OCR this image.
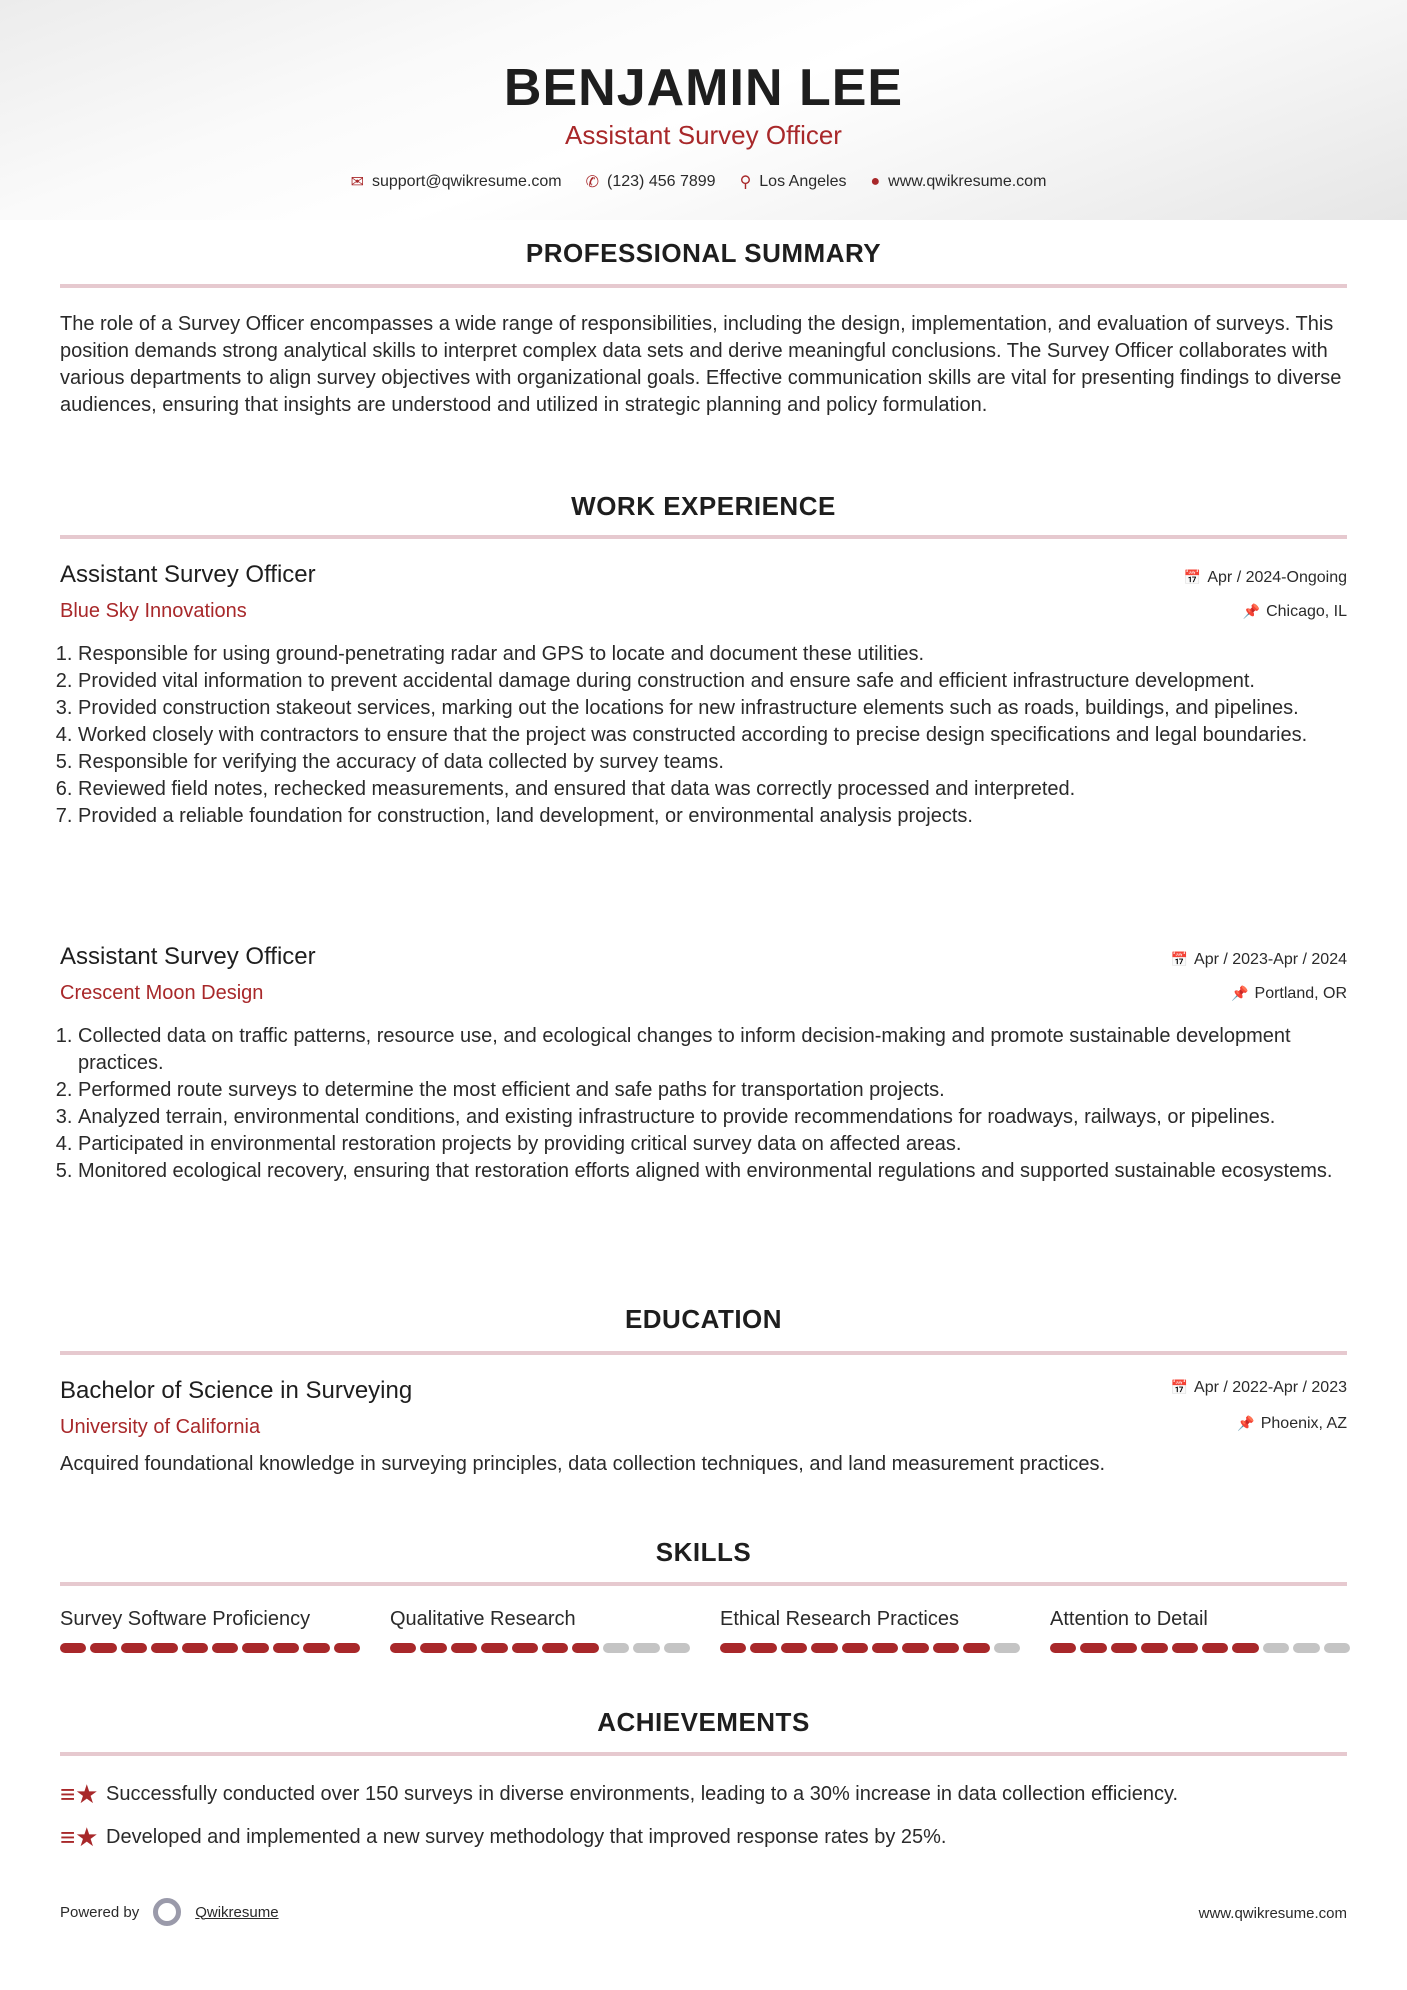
BENJAMIN LEE
Assistant Survey Officer
✉ support@qwikresume.com ✆ (123) 456 7899 ⚲ Los Angeles ● www.qwikresume.com
PROFESSIONAL SUMMARY
The role of a Survey Officer encompasses a wide range of responsibilities, including the design, implementation, and evaluation of surveys. This position demands strong analytical skills to interpret complex data sets and derive meaningful conclusions. The Survey Officer collaborates with various departments to align survey objectives with organizational goals. Effective communication skills are vital for presenting findings to diverse audiences, ensuring that insights are understood and utilized in strategic planning and policy formulation.
WORK EXPERIENCE
Assistant Survey Officer
Blue Sky Innovations
📅 Apr / 2024-Ongoing
📌 Chicago, IL
1. Responsible for using ground-penetrating radar and GPS to locate and document these utilities.
2. Provided vital information to prevent accidental damage during construction and ensure safe and efficient infrastructure development.
3. Provided construction stakeout services, marking out the locations for new infrastructure elements such as roads, buildings, and pipelines.
4. Worked closely with contractors to ensure that the project was constructed according to precise design specifications and legal boundaries.
5. Responsible for verifying the accuracy of data collected by survey teams.
6. Reviewed field notes, rechecked measurements, and ensured that data was correctly processed and interpreted.
7. Provided a reliable foundation for construction, land development, or environmental analysis projects.
Assistant Survey Officer
Crescent Moon Design
📅 Apr / 2023-Apr / 2024
📌 Portland, OR
1. Collected data on traffic patterns, resource use, and ecological changes to inform decision-making and promote sustainable development practices.
2. Performed route surveys to determine the most efficient and safe paths for transportation projects.
3. Analyzed terrain, environmental conditions, and existing infrastructure to provide recommendations for roadways, railways, or pipelines.
4. Participated in environmental restoration projects by providing critical survey data on affected areas.
5. Monitored ecological recovery, ensuring that restoration efforts aligned with environmental regulations and supported sustainable ecosystems.
EDUCATION
Bachelor of Science in Surveying
University of California
📅 Apr / 2022-Apr / 2023
📌 Phoenix, AZ
Acquired foundational knowledge in surveying principles, data collection techniques, and land measurement practices.
SKILLS
Survey Software Proficiency	Qualitative Research	Ethical Research Practices	Attention to Detail
ACHIEVEMENTS
≡★ Successfully conducted over 150 surveys in diverse environments, leading to a 30% increase in data collection efficiency.
≡★ Developed and implemented a new survey methodology that improved response rates by 25%.
Powered by	Qwikresume	www.qwikresume.com
